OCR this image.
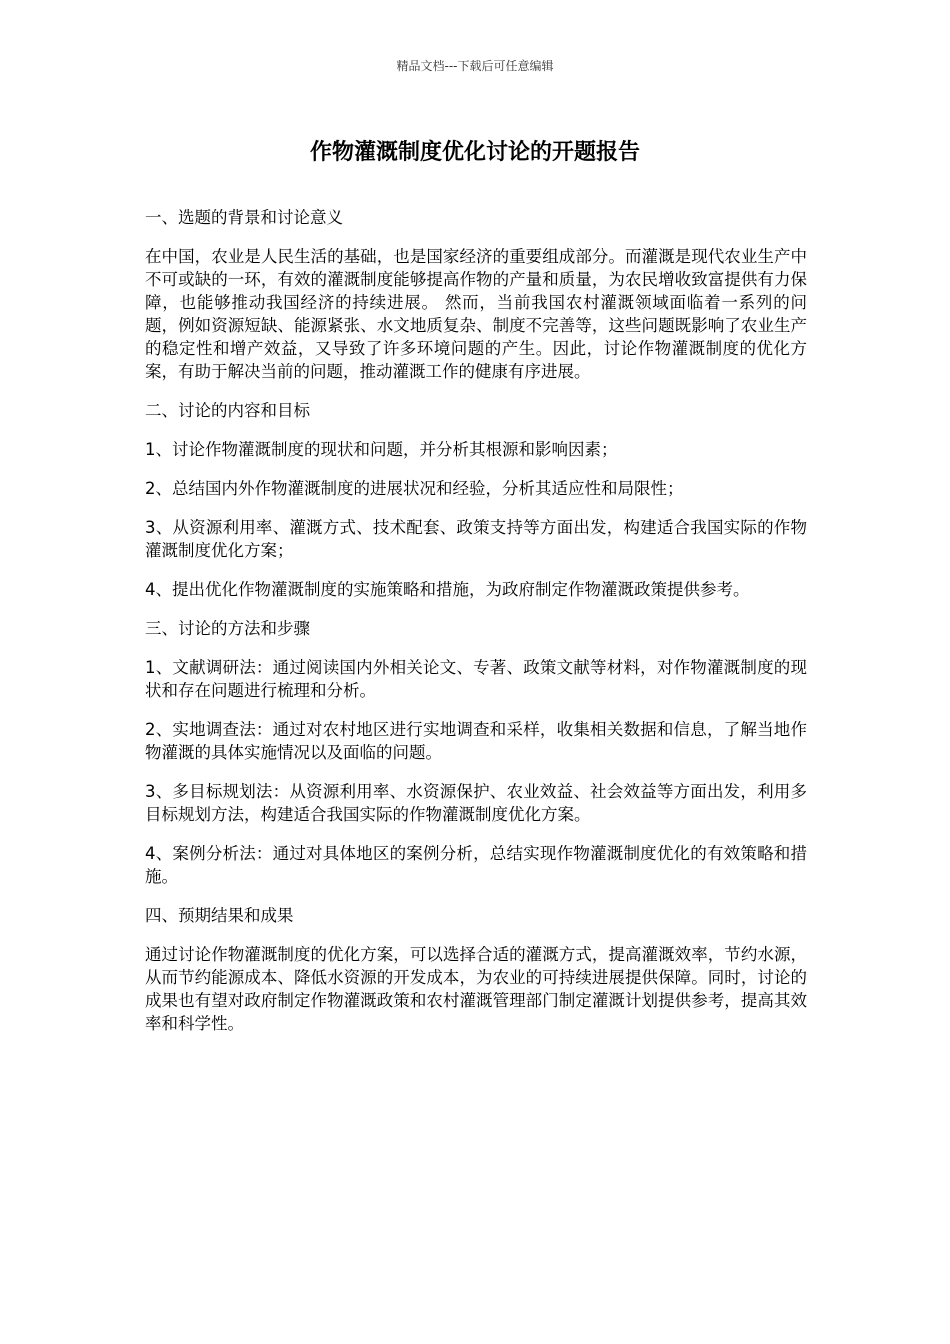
精品文档---下载后可任意编辑
作物灌溉制度优化讨论的开题报告

一、选题的背景和讨论意义

在中国，农业是人民生活的基础，也是国家经济的重要组成部分。而灌溉是现代农业生产中不可或缺的一环，有效的灌溉制度能够提高作物的产量和质量，为农民增收致富提供有力保障，也能够推动我国经济的持续进展。 然而，当前我国农村灌溉领域面临着一系列的问题，例如资源短缺、能源紧张、水文地质复杂、制度不完善等，这些问题既影响了农业生产的稳定性和增产效益，又导致了许多环境问题的产生。因此，讨论作物灌溉制度的优化方案，有助于解决当前的问题，推动灌溉工作的健康有序进展。

二、讨论的内容和目标

1、讨论作物灌溉制度的现状和问题，并分析其根源和影响因素；

2、总结国内外作物灌溉制度的进展状况和经验，分析其适应性和局限性；

3、从资源利用率、灌溉方式、技术配套、政策支持等方面出发，构建适合我国实际的作物灌溉制度优化方案；

4、提出优化作物灌溉制度的实施策略和措施，为政府制定作物灌溉政策提供参考。

三、讨论的方法和步骤

1、文献调研法：通过阅读国内外相关论文、专著、政策文献等材料，对作物灌溉制度的现状和存在问题进行梳理和分析。

2、实地调查法：通过对农村地区进行实地调查和采样，收集相关数据和信息，了解当地作物灌溉的具体实施情况以及面临的问题。

3、多目标规划法：从资源利用率、水资源保护、农业效益、社会效益等方面出发，利用多目标规划方法，构建适合我国实际的作物灌溉制度优化方案。

4、案例分析法：通过对具体地区的案例分析，总结实现作物灌溉制度优化的有效策略和措施。

四、预期结果和成果

通过讨论作物灌溉制度的优化方案，可以选择合适的灌溉方式，提高灌溉效率，节约水源，从而节约能源成本、降低水资源的开发成本，为农业的可持续进展提供保障。同时，讨论的成果也有望对政府制定作物灌溉政策和农村灌溉管理部门制定灌溉计划提供参考，提高其效率和科学性。
